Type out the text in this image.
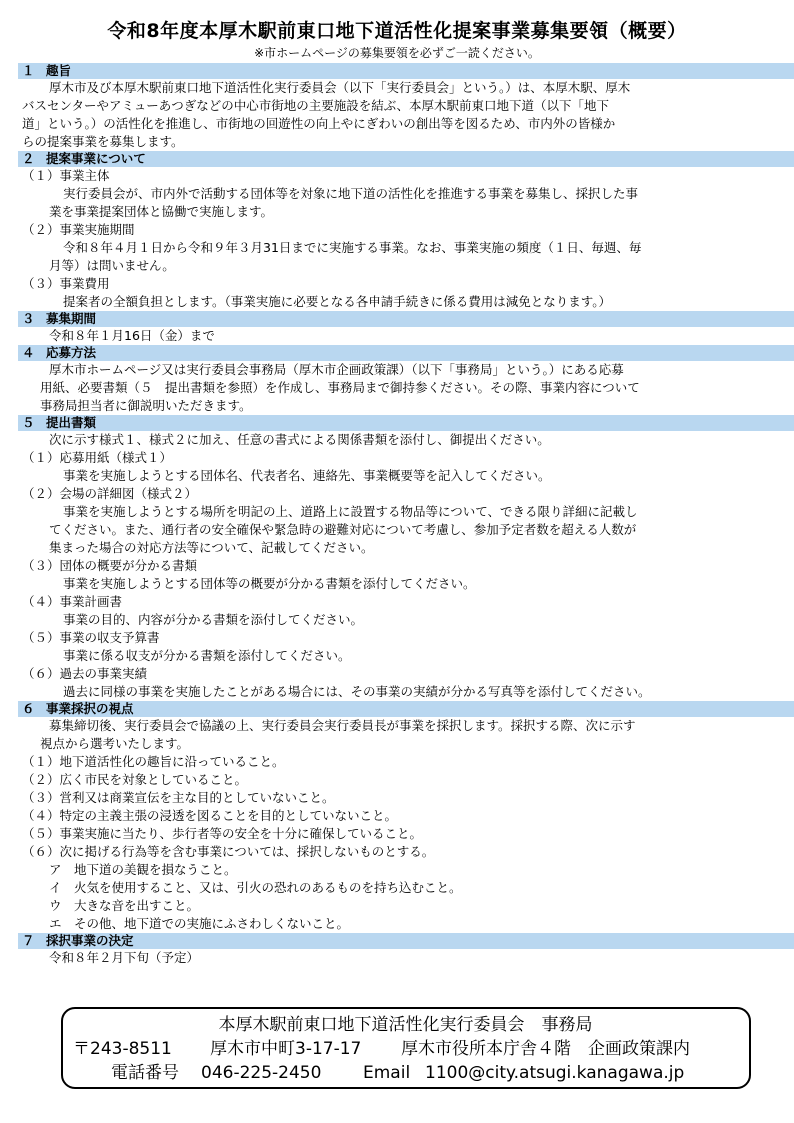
令和8年度本厚木駅前東口地下道活性化提案事業募集要領（概要）
※市ホームページの募集要領を必ずご一読ください。
１ 趣旨
厚木市及び本厚木駅前東口地下道活性化実行委員会（以下「実行委員会」という。）は、本厚木駅、厚木
バスセンターやアミューあつぎなどの中心市街地の主要施設を結ぶ、本厚木駅前東口地下道（以下「地下
道」という。）の活性化を推進し、市街地の回遊性の向上やにぎわいの創出等を図るため、市内外の皆様か
らの提案事業を募集します。
２ 提案事業について
（１）事業主体
実行委員会が、市内外で活動する団体等を対象に地下道の活性化を推進する事業を募集し、採択した事
業を事業提案団体と協働で実施します。
（２）事業実施期間
令和８年４月１日から令和９年３月31日までに実施する事業。なお、事業実施の頻度（１日、毎週、毎
月等）は問いません。
（３）事業費用
提案者の全額負担とします。（事業実施に必要となる各申請手続きに係る費用は減免となります。）
３ 募集期間
令和８年１月16日（金）まで
４ 応募方法
厚木市ホームページ又は実行委員会事務局（厚木市企画政策課）（以下「事務局」という。）にある応募
用紙、必要書類（５　提出書類を参照）を作成し、事務局まで御持参ください。その際、事業内容について
事務局担当者に御説明いただきます。
５ 提出書類
次に示す様式１、様式２に加え、任意の書式による関係書類を添付し、御提出ください。
（１）応募用紙（様式１）
事業を実施しようとする団体名、代表者名、連絡先、事業概要等を記入してください。
（２）会場の詳細図（様式２）
事業を実施しようとする場所を明記の上、道路上に設置する物品等について、できる限り詳細に記載し
てください。また、通行者の安全確保や緊急時の避難対応について考慮し、参加予定者数を超える人数が
集まった場合の対応方法等について、記載してください。
（３）団体の概要が分かる書類
事業を実施しようとする団体等の概要が分かる書類を添付してください。
（４）事業計画書
事業の目的、内容が分かる書類を添付してください。
（５）事業の収支予算書
事業に係る収支が分かる書類を添付してください。
（６）過去の事業実績
過去に同様の事業を実施したことがある場合には、その事業の実績が分かる写真等を添付してください。
６ 事業採択の視点
募集締切後、実行委員会で協議の上、実行委員会実行委員長が事業を採択します。採択する際、次に示す
視点から選考いたします。
（１）地下道活性化の趣旨に沿っていること。
（２）広く市民を対象としていること。
（３）営利又は商業宣伝を主な目的としていないこと。
（４）特定の主義主張の浸透を図ることを目的としていないこと。
（５）事業実施に当たり、歩行者等の安全を十分に確保していること。
（６）次に掲げる行為等を含む事業については、採択しないものとする。
ア　地下道の美観を損なうこと。
イ　火気を使用すること、又は、引火の恐れのあるものを持ち込むこと。
ウ　大きな音を出すこと。
エ　その他、地下道での実施にふさわしくないこと。
７ 採択事業の決定
令和８年２月下旬（予定）
本厚木駅前東口地下道活性化実行委員会　事務局
〒243-8511 厚木市中町3-17-17 厚木市役所本庁舎４階　企画政策課内
電話番号 046-225-2450 Email 1100@city.atsugi.kanagawa.jp
